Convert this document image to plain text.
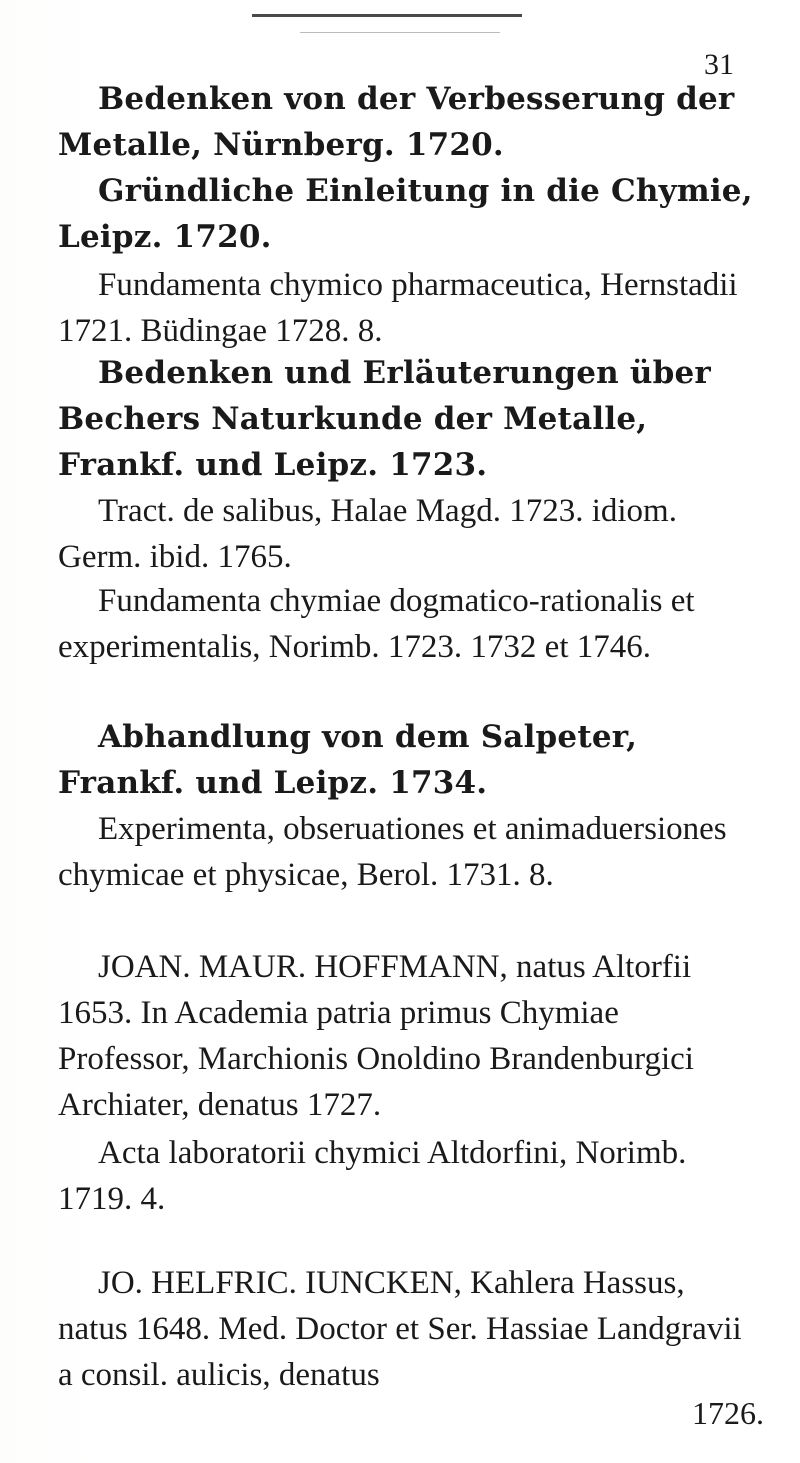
31
Bedenken von der Verbesserung der Metalle, Nürnberg. 1720.
Gründliche Einleitung in die Chymie, Leipz. 1720.
Fundamenta chymico pharmaceutica, Hernstadii 1721. Büdingae 1728. 8.
Bedenken und Erläuterungen über Bechers Naturkunde der Metalle, Frankf. und Leipz. 1723.
Tract. de salibus, Halae Magd. 1723. idiom. Germ. ibid. 1765.
Fundamenta chymiae dogmatico-rationalis et experimentalis, Norimb. 1723. 1732 et 1746.
Abhandlung von dem Salpeter, Frankf. und Leipz. 1734.
Experimenta, obseruationes et animaduersiones chymicae et physicae, Berol. 1731. 8.
JOAN. MAUR. HOFFMANN, natus Altorfii 1653. In Academia patria primus Chymiae Professor, Marchionis Onoldino Brandenburgici Archiater, denatus 1727.
Acta laboratorii chymici Altdorfini, Norimb. 1719. 4.
JO. HELFRIC. IUNCKEN, Kahlera Hassus, natus 1648. Med. Doctor et Ser. Hassiae Landgravii a consil. aulicis, denatus
1726.
